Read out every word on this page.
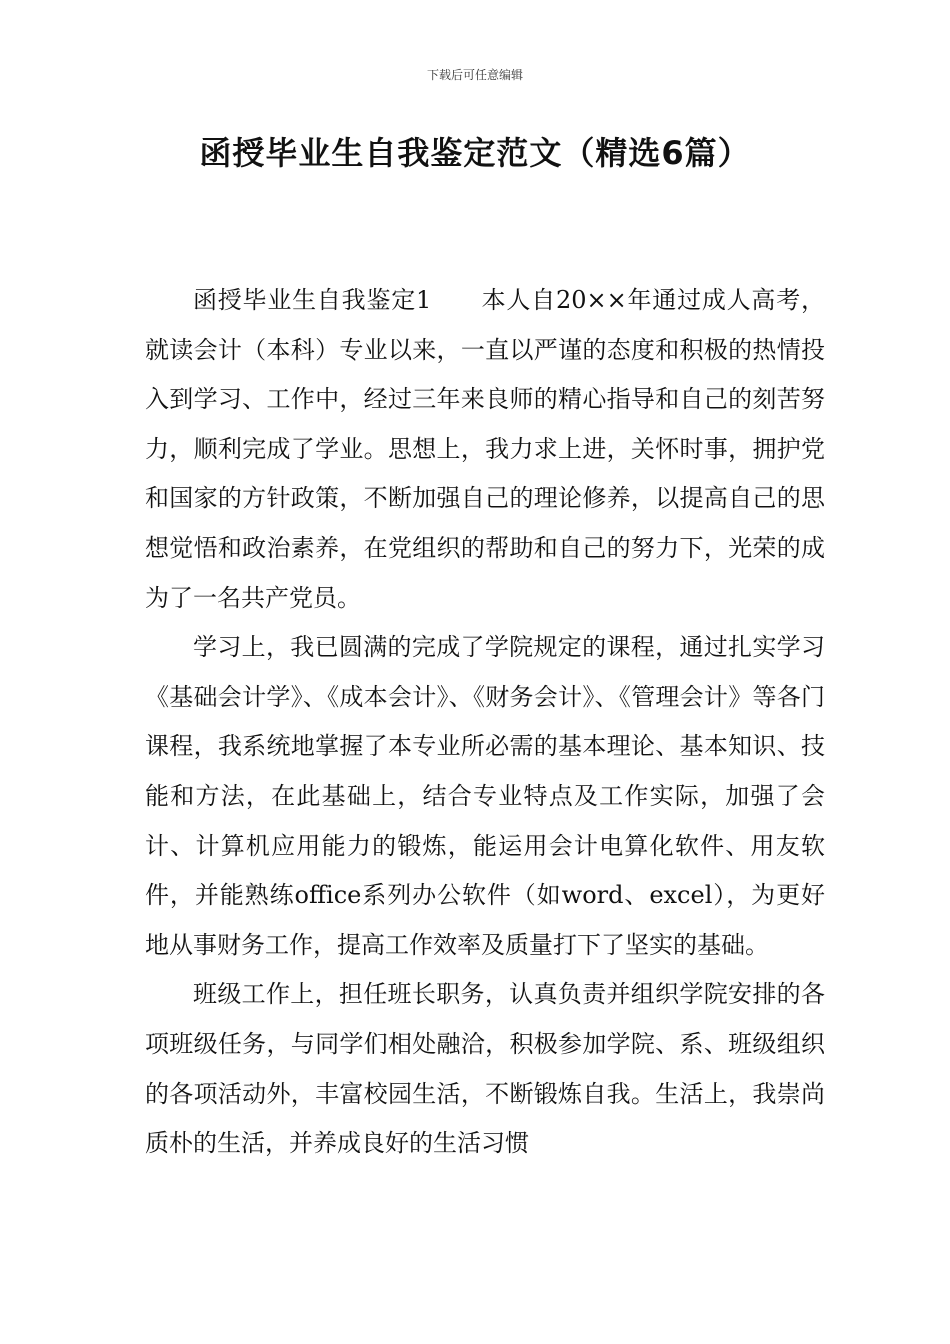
下载后可任意编辑
函授毕业生自我鉴定范文（精选6篇）

函授毕业生自我鉴定1　　本人自20××年通过成人高考，就读会计（本科）专业以来，一直以严谨的态度和积极的热情投入到学习、工作中，经过三年来良师的精心指导和自己的刻苦努力，顺利完成了学业。思想上，我力求上进，关怀时事，拥护党和国家的方针政策，不断加强自己的理论修养，以提高自己的思想觉悟和政治素养，在党组织的帮助和自己的努力下，光荣的成为了一名共产党员。

学习上，我已圆满的完成了学院规定的课程，通过扎实学习《基础会计学》、《成本会计》、《财务会计》、《管理会计》等各门课程，我系统地掌握了本专业所必需的基本理论、基本知识、技能和方法，在此基础上，结合专业特点及工作实际，加强了会计、计算机应用能力的锻炼，能运用会计电算化软件、用友软件，并能熟练office系列办公软件（如word、excel），为更好地从事财务工作，提高工作效率及质量打下了坚实的基础。

班级工作上，担任班长职务，认真负责并组织学院安排的各项班级任务，与同学们相处融洽，积极参加学院、系、班级组织的各项活动外，丰富校园生活，不断锻炼自我。生活上，我崇尚质朴的生活，并养成良好的生活习惯
